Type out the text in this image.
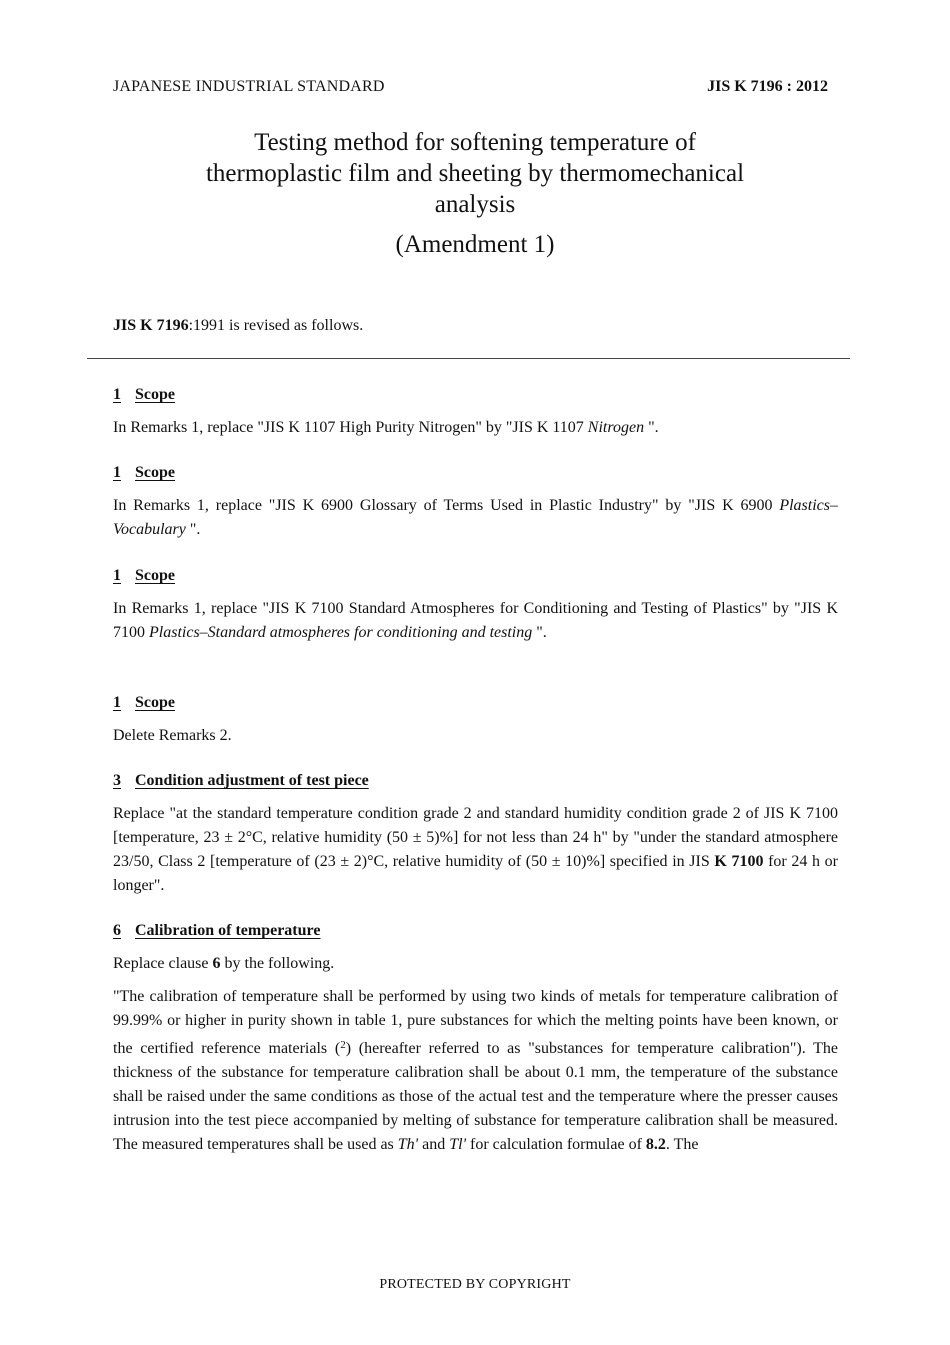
JAPANESE INDUSTRIAL STANDARD	JIS K 7196 : 2012
Testing method for softening temperature of
thermoplastic film and sheeting by thermomechanical
analysis
(Amendment 1)
JIS K 7196:1991 is revised as follows.
1 Scope
In Remarks 1, replace "JIS K 1107 High Purity Nitrogen" by "JIS K 1107 Nitrogen ".
1 Scope
In Remarks 1, replace "JIS K 6900 Glossary of Terms Used in Plastic Industry" by "JIS K 6900 Plastics– Vocabulary ".
1 Scope
In Remarks 1, replace "JIS K 7100 Standard Atmospheres for Conditioning and Testing of Plastics" by "JIS K 7100 Plastics–Standard atmospheres for conditioning and testing ".
1 Scope
Delete Remarks 2.
3 Condition adjustment of test piece
Replace "at the standard temperature condition grade 2 and standard humidity condition grade 2 of JIS K 7100 [temperature, 23 ± 2°C, relative humidity (50 ± 5)%] for not less than 24 h" by "under the standard atmosphere 23/50, Class 2 [temperature of (23 ± 2)°C, relative humidity of (50 ± 10)%] specified in JIS K 7100 for 24 h or longer".
6 Calibration of temperature
Replace clause 6 by the following.
"The calibration of temperature shall be performed by using two kinds of metals for temperature calibration of 99.99% or higher in purity shown in table 1, pure substances for which the melting points have been known, or the certified reference materials ($^2$) (hereafter referred to as "substances for temperature calibration"). The thickness of the substance for temperature calibration shall be about 0.1 mm, the temperature of the substance shall be raised under the same conditions as those of the actual test and the temperature where the presser causes intrusion into the test piece accompanied by melting of substance for temperature calibration shall be measured. The measured temperatures shall be used as Th' and Tl' for calculation formulae of 8.2. The
PROTECTED BY COPYRIGHT
